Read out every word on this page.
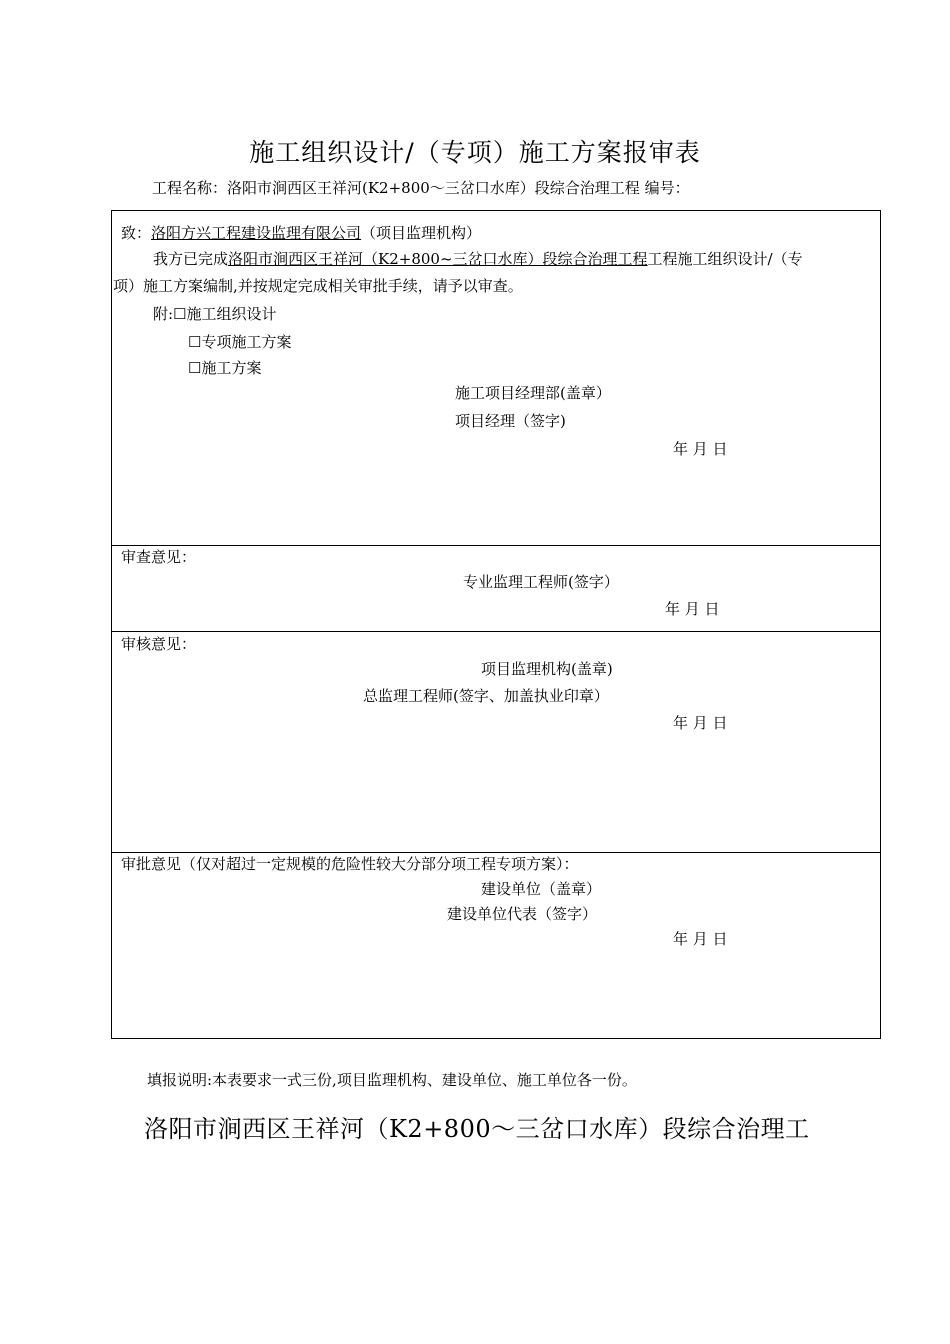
施工组织设计/（专项）施工方案报审表
工程名称：洛阳市涧西区王祥河(K2+800～三岔口水库）段综合治理工程 编号：
致：洛阳方兴工程建设监理有限公司（项目监理机构）
我方已完成洛阳市涧西区王祥河（K2+800~三岔口水库）段综合治理工程工程施工组织设计/（专
项）施工方案编制,并按规定完成相关审批手续，请予以审查。
附:☐施工组织设计
☐专项施工方案
☐施工方案
施工项目经理部(盖章）
项目经理（签字)
年 月 日
审查意见：
专业监理工程师(签字）
年 月 日
审核意见：
项目监理机构(盖章)
总监理工程师(签字、加盖执业印章）
年 月 日
审批意见（仅对超过一定规模的危险性较大分部分项工程专项方案）：
建设单位（盖章）
建设单位代表（签字）
年 月 日
填报说明:本表要求一式三份,项目监理机构、建设单位、施工单位各一份。
洛阳市涧西区王祥河（K2+800～三岔口水库）段综合治理工
